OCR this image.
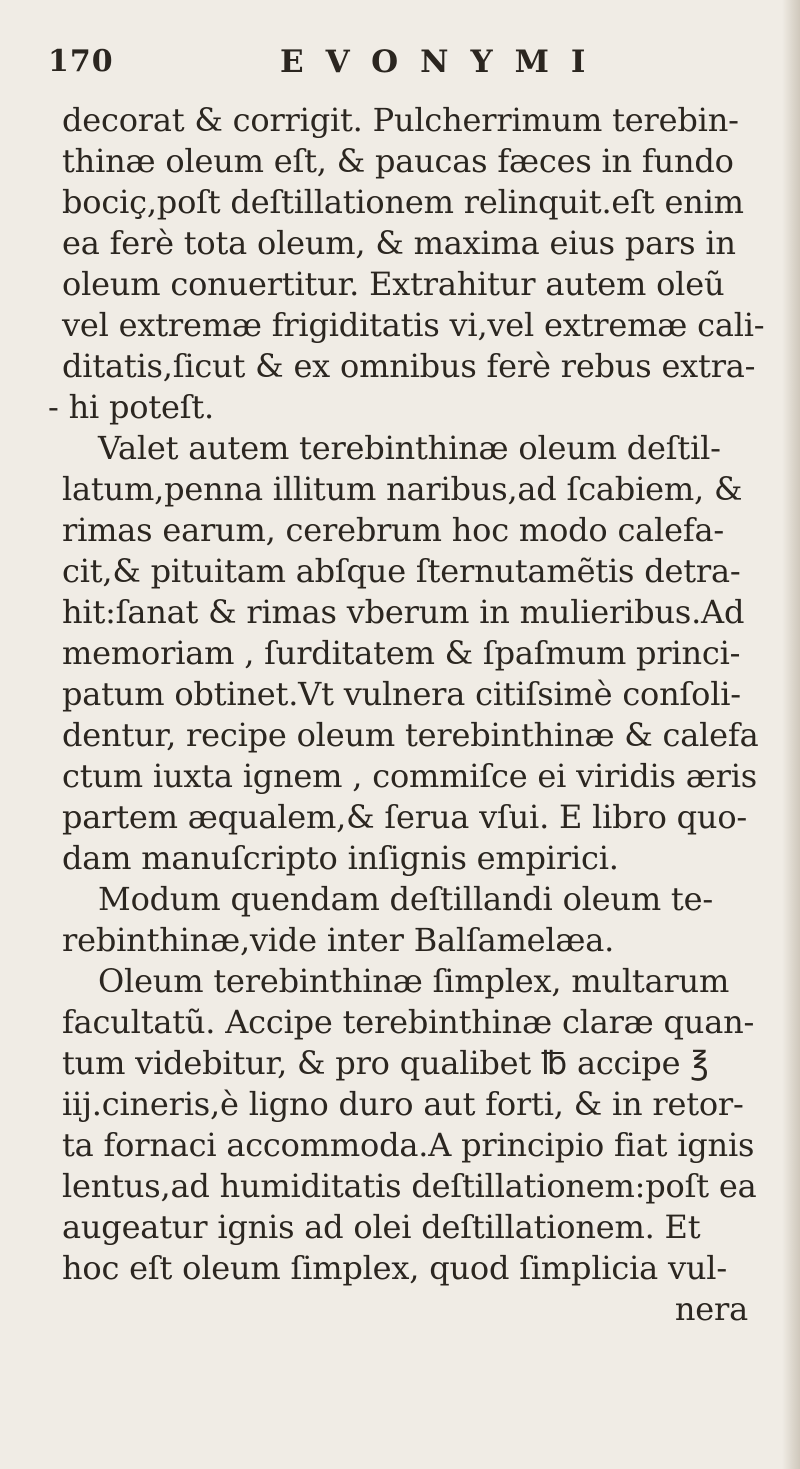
170	EVONYMI
decorat & corrigit. Pulcherrimum terebin-
thinæ oleum eſt, & paucas fæces in fundo
bociç,poſt deſtillationem relinquit.eſt enim
ea ferè tota oleum, & maxima eius pars in
oleum conuertitur. Extrahitur autem oleũ
vel extremæ frigiditatis vi,vel extremæ cali-
ditatis,ſicut & ex omnibus ferè rebus extra-
- hi poteſt.
Valet autem terebinthinæ oleum deſtil-
latum,penna illitum naribus,ad ſcabiem, &
rimas earum, cerebrum hoc modo calefa-
cit,& pituitam abſque ſternutamẽtis detra-
hit:ſanat & rimas vberum in mulieribus.Ad
memoriam , ſurditatem & ſpaſmum princi-
patum obtinet.Vt vulnera citiſsimè conſoli-
dentur, recipe oleum terebinthinæ & calefa
ctum iuxta ignem , commiſce ei viridis æris
partem æqualem,& ſerua vſui. E libro quo-
dam manuſcripto inſignis empirici.
Modum quendam deſtillandi oleum te-
rebinthinæ,vide inter Balſamelæa.
Oleum terebinthinæ ſimplex, multarum
facultatũ. Accipe terebinthinæ claræ quan-
tum videbitur, & pro qualibet ℔ accipe ℥
iij.cineris,è ligno duro aut forti, & in retor-
ta fornaci accommoda.A principio fiat ignis
lentus,ad humiditatis deſtillationem:poſt ea
augeatur ignis ad olei deſtillationem. Et
hoc eſt oleum ſimplex, quod ſimplicia vul-
nera
